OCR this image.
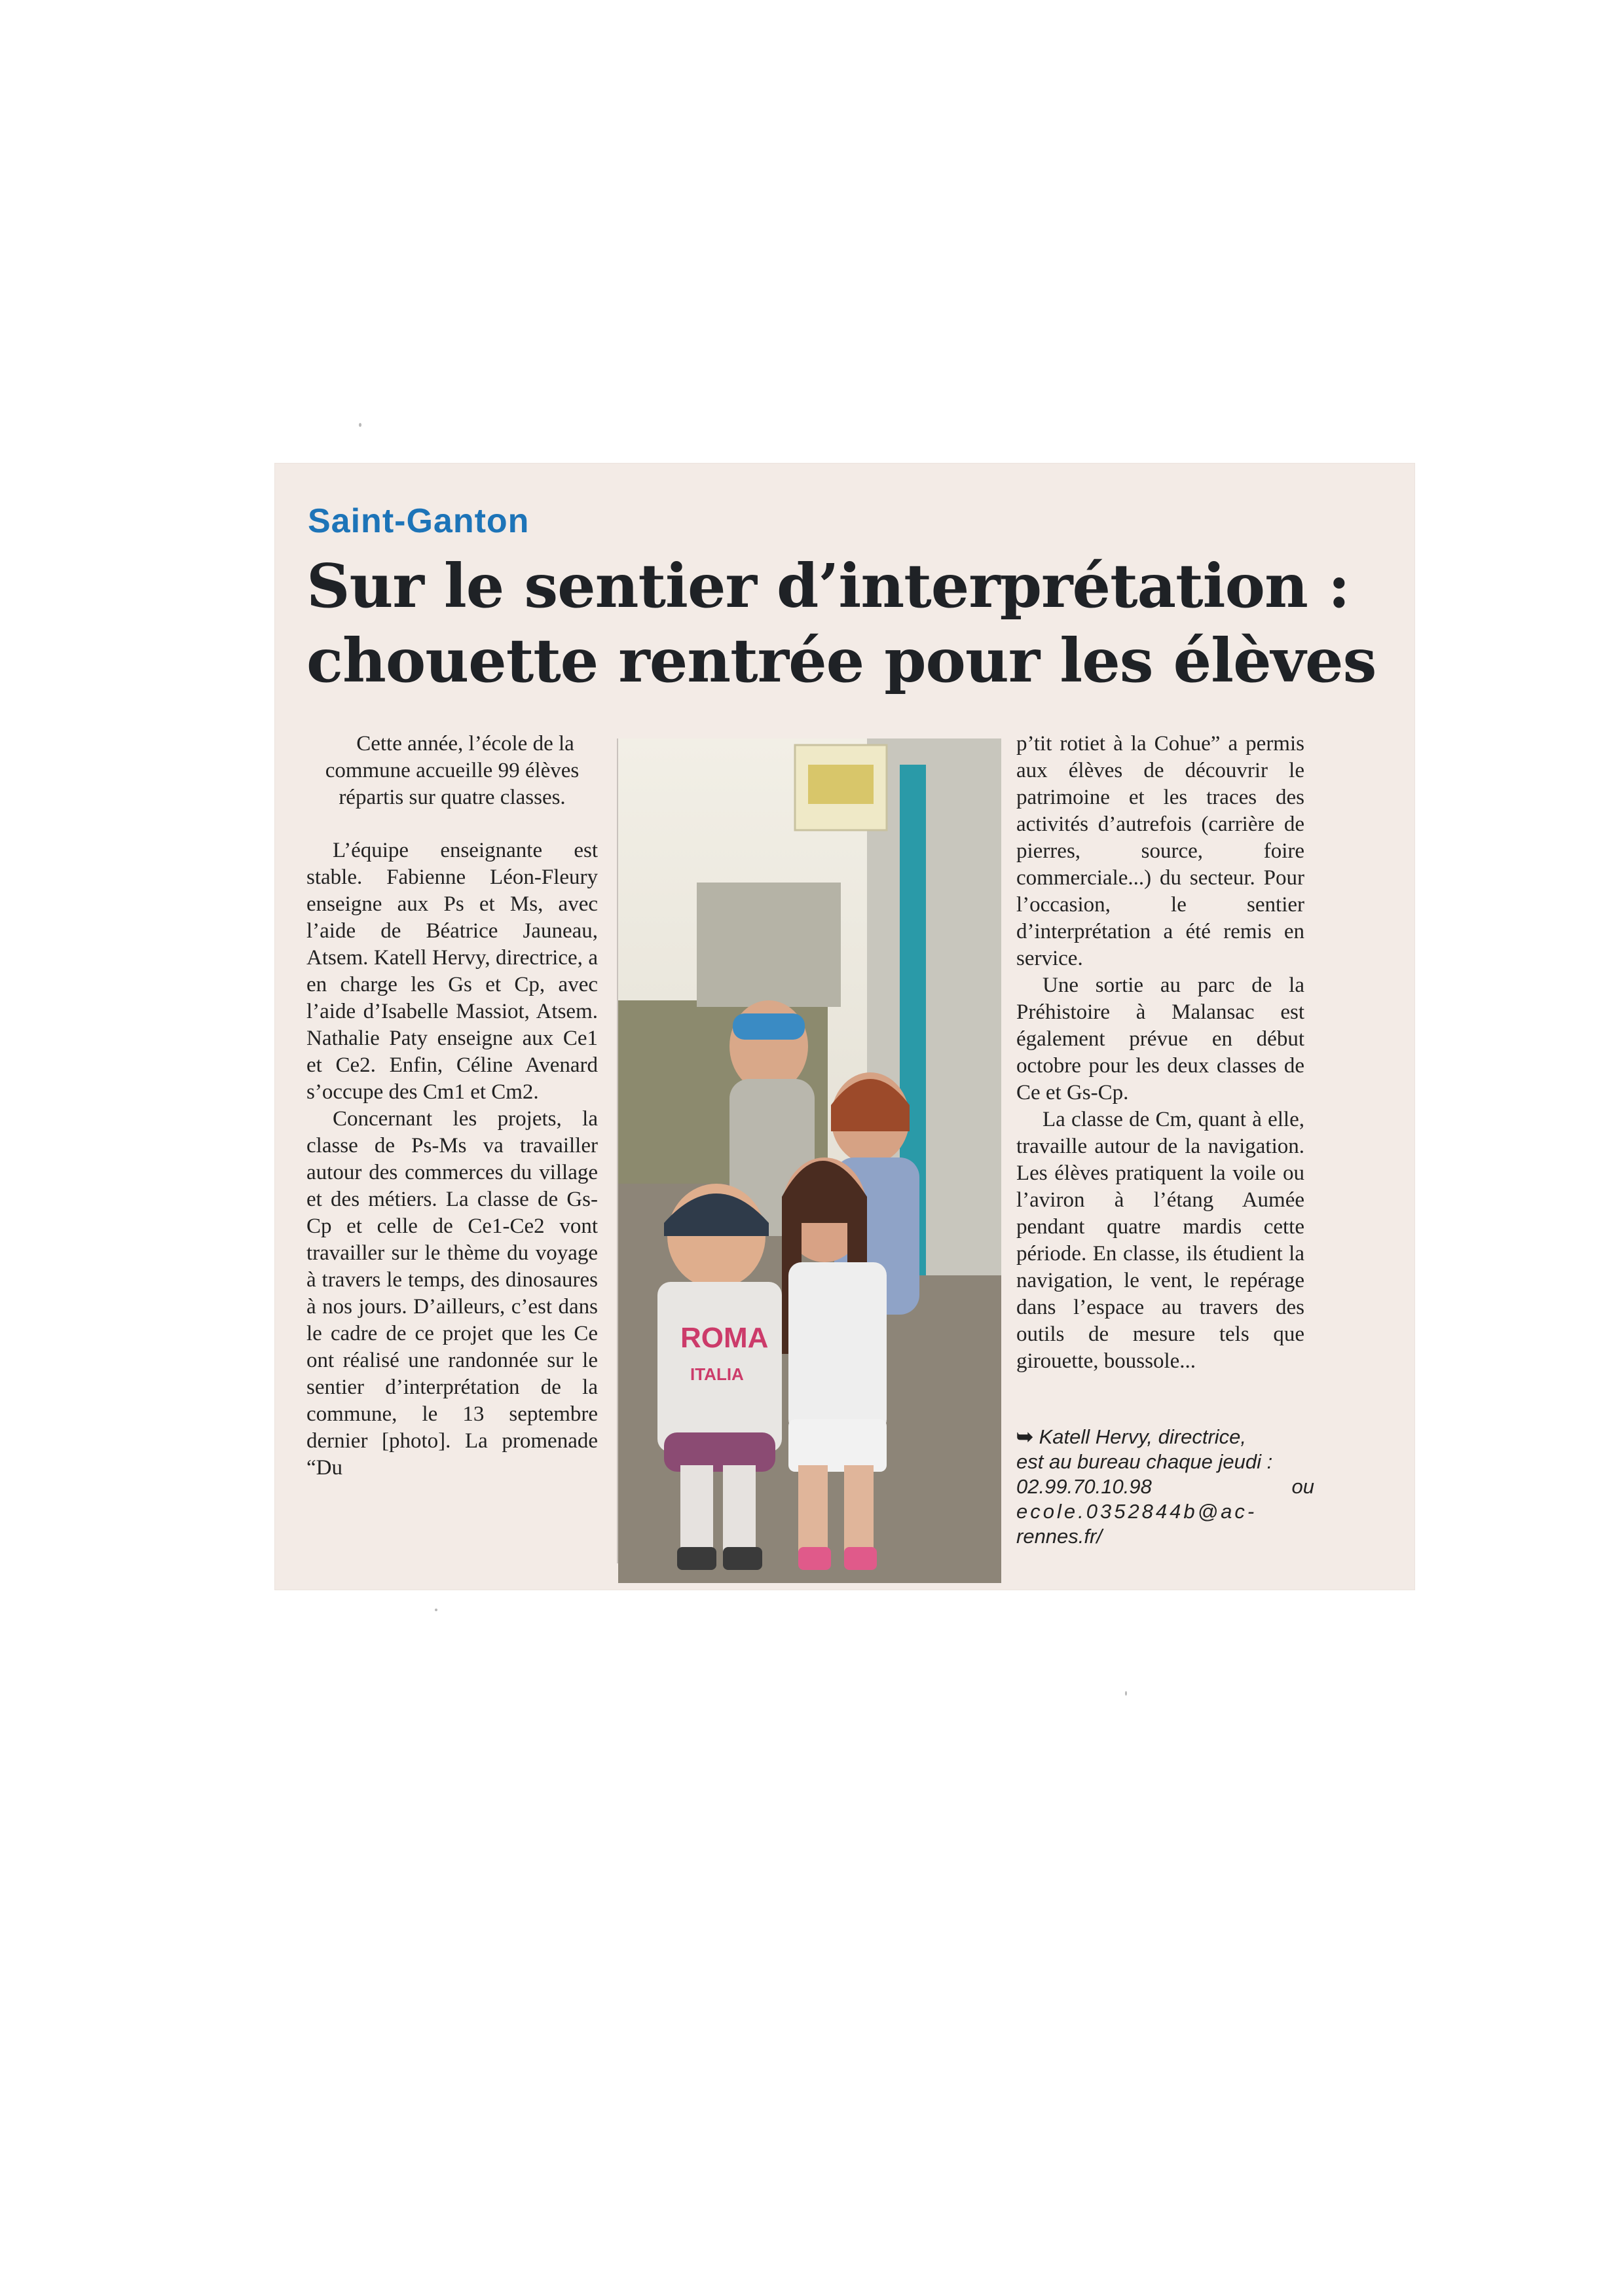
Saint-Ganton
Sur le sentier d’interprétation :
chouette rentrée pour les élèves

Cette année, l’école de la commune accueille 99 élèves répartis sur quatre classes.

L’équipe enseignante est stable. Fabienne Léon-Fleury enseigne aux Ps et Ms, avec l’aide de Béatrice Jauneau, Atsem. Katell Hervy, directrice, a en charge les Gs et Cp, avec l’aide d’Isabelle Massiot, Atsem. Nathalie Paty enseigne aux Ce1 et Ce2. Enfin, Céline Avenard s’occupe des Cm1 et Cm2.

Concernant les projets, la classe de Ps-Ms va travailler autour des commerces du village et des métiers. La classe de Gs-Cp et celle de Ce1-Ce2 vont travailler sur le thème du voyage à travers le temps, des dinosaures à nos jours. D’ailleurs, c’est dans le cadre de ce projet que les Ce ont réalisé une randonnée sur le sentier d’interprétation de la commune, le 13 septembre dernier [photo]. La promenade “Du

ROMA
ITALIA

p’tit rotiet à la Cohue” a permis aux élèves de découvrir le patrimoine et les traces des activités d’autrefois (carrière de pierres, source, foire commerciale...) du secteur. Pour l’occasion, le sentier d’interprétation a été remis en service.

Une sortie au parc de la Préhistoire à Malansac est également prévue en début octobre pour les deux classes de Ce et Gs-Cp.

La classe de Cm, quant à elle, travaille autour de la navigation. Les élèves pratiquent la voile ou l’aviron à l’étang Aumée pendant quatre mardis cette période. En classe, ils étudient la navigation, le vent, le repérage dans l’espace au travers des outils de mesure tels que girouette, boussole...

➥ Katell Hervy, directrice,
est au bureau chaque jeudi :
02.99.70.10.98	ou
ecole.0352844b@ac-
rennes.fr/
